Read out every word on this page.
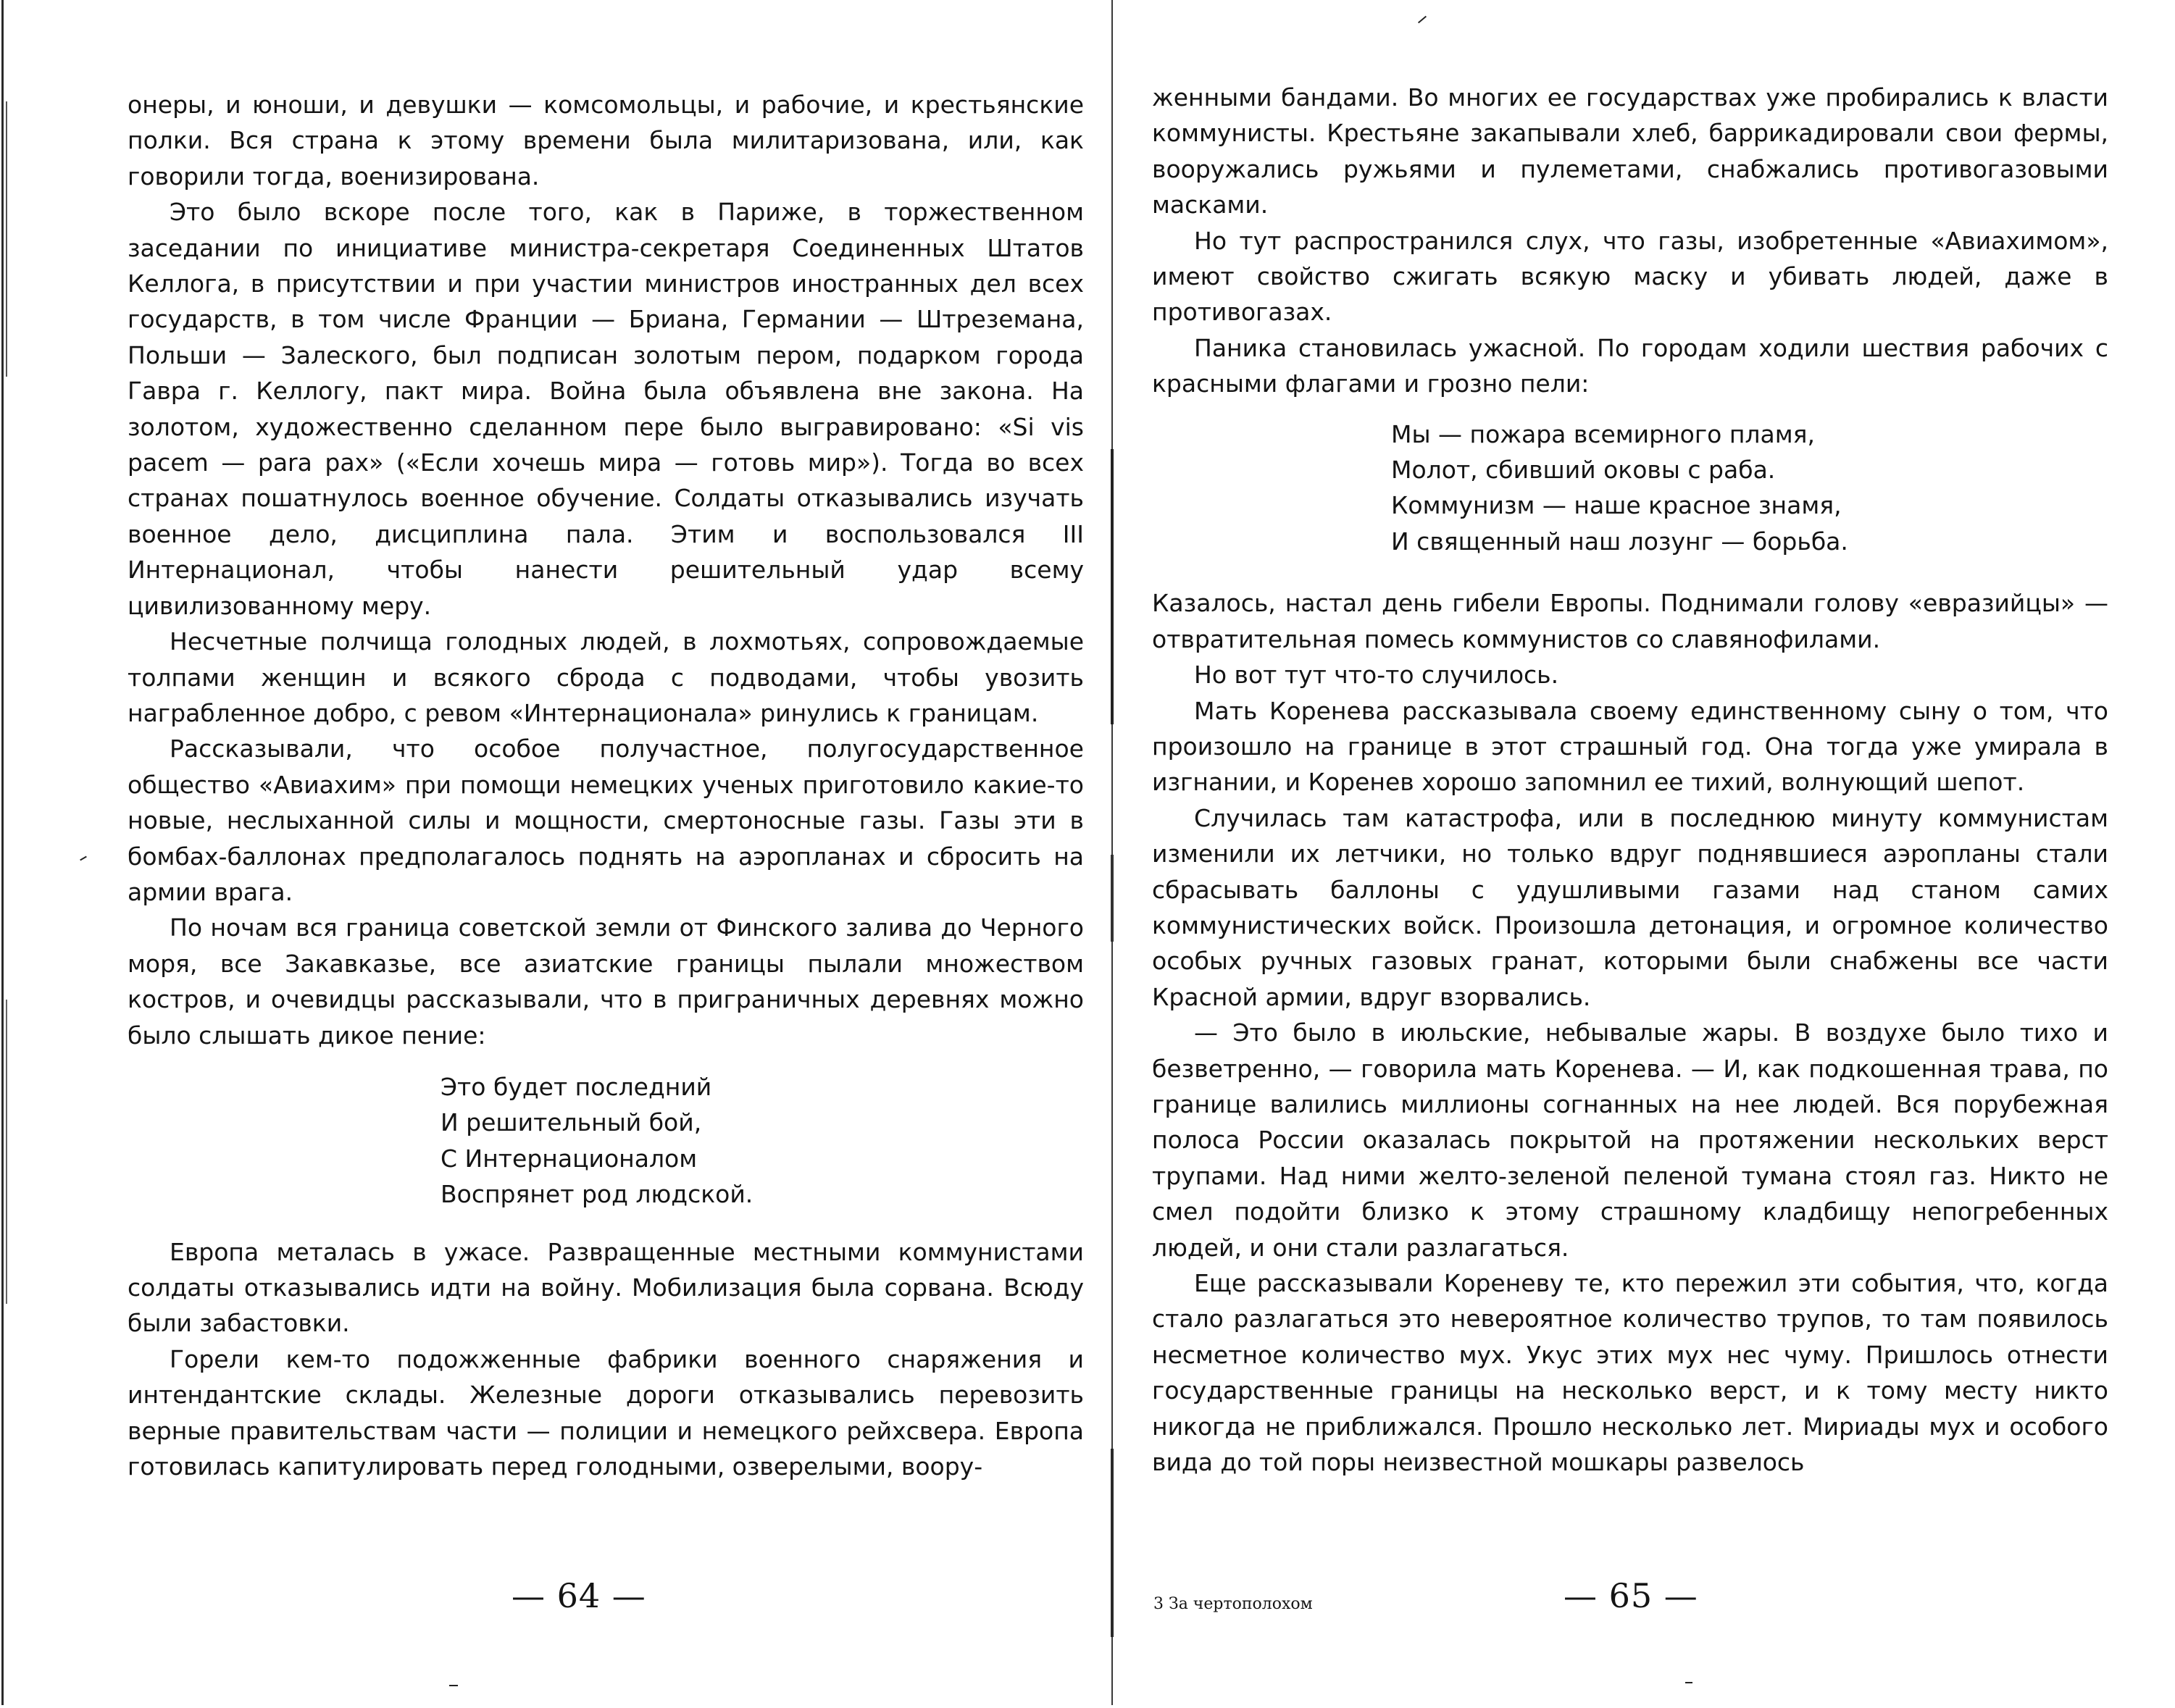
онеры, и юноши, и девушки — комсомольцы, и рабочие, и крестьянские полки. Вся страна к этому времени была милитаризована, или, как говорили тогда, военизирована.

Это было вскоре после того, как в Париже, в торжественном заседании по инициативе министра-секретаря Соединенных Штатов Келлога, в присутствии и при участии министров иностранных дел всех государств, в том числе Франции — Бриана, Германии — Штреземана, Польши — Залеского, был подписан золотым пером, подарком города Гавра г. Келлогу, пакт мира. Война была объявлена вне закона. На золотом, художественно сделанном пере было выгравировано: «Si vis pacem — para pax» («Если хочешь мира — готовь мир»). Тогда во всех странах пошатнулось военное обучение. Солдаты отказывались изучать военное дело, дисциплина пала. Этим и воспользовался III Интернационал, чтобы нанести решительный удар всему цивилизованному меру.

Несчетные полчища голодных людей, в лохмотьях, сопровождаемые толпами женщин и всякого сброда с подводами, чтобы увозить награбленное добро, с ревом «Интернационала» ринулись к границам.

Рассказывали, что особое получастное, полугосударственное общество «Авиахим» при помощи немецких ученых приготовило какие-то новые, неслыханной силы и мощности, смертоносные газы. Газы эти в бомбах-баллонах предполагалось поднять на аэропланах и сбросить на армии врага.

По ночам вся граница советской земли от Финского залива до Черного моря, все Закавказье, все азиатские границы пылали множеством костров, и очевидцы рассказывали, что в приграничных деревнях можно было слышать дикое пение:

Это будет последний
И решительный бой,
С Интернационалом
Воспрянет род людской.

Европа металась в ужасе. Развращенные местными коммунистами солдаты отказывались идти на войну. Мобилизация была сорвана. Всюду были забастовки.

Горели кем-то подожженные фабрики военного снаряжения и интендантские склады. Железные дороги отказывались перевозить верные правительствам части — полиции и немецкого рейхсвера. Европа готовилась капитулировать перед голодными, озверелыми, воору-

— 64 —

женными бандами. Во многих ее государствах уже пробирались к власти коммунисты. Крестьяне закапывали хлеб, баррикадировали свои фермы, вооружались ружьями и пулеметами, снабжались противогазовыми масками.

Но тут распространился слух, что газы, изобретенные «Авиахимом», имеют свойство сжигать всякую маску и убивать людей, даже в противогазах.

Паника становилась ужасной. По городам ходили шествия рабочих с красными флагами и грозно пели:

Мы — пожара всемирного пламя,
Молот, сбивший оковы с раба.
Коммунизм — наше красное знамя,
И священный наш лозунг — борьба.

Казалось, настал день гибели Европы. Поднимали голову «евразийцы» — отвратительная помесь коммунистов со славянофилами.

Но вот тут что-то случилось.

Мать Коренева рассказывала своему единственному сыну о том, что произошло на границе в этот страшный год. Она тогда уже умирала в изгнании, и Коренев хорошо запомнил ее тихий, волнующий шепот.

Случилась там катастрофа, или в последнюю минуту коммунистам изменили их летчики, но только вдруг поднявшиеся аэропланы стали сбрасывать баллоны с удушливыми газами над станом самих коммунистических войск. Произошла детонация, и огромное количество особых ручных газовых гранат, которыми были снабжены все части Красной армии, вдруг взорвались.

— Это было в июльские, небывалые жары. В воздухе было тихо и безветренно, — говорила мать Коренева. — И, как подкошенная трава, по границе валились миллионы согнанных на нее людей. Вся порубежная полоса России оказалась покрытой на протяжении нескольких верст трупами. Над ними желто-зеленой пеленой тумана стоял газ. Никто не смел подойти близко к этому страшному кладбищу непогребенных людей, и они стали разлагаться.

Еще рассказывали Кореневу те, кто пережил эти события, что, когда стало разлагаться это невероятное количество трупов, то там появилось несметное количество мух. Укус этих мух нес чуму. Пришлось отнести государственные границы на несколько верст, и к тому месту никто никогда не приближался. Прошло несколько лет. Мириады мух и особого вида до той поры неизвестной мошкары развелось

3 За чертополохом	— 65 —
